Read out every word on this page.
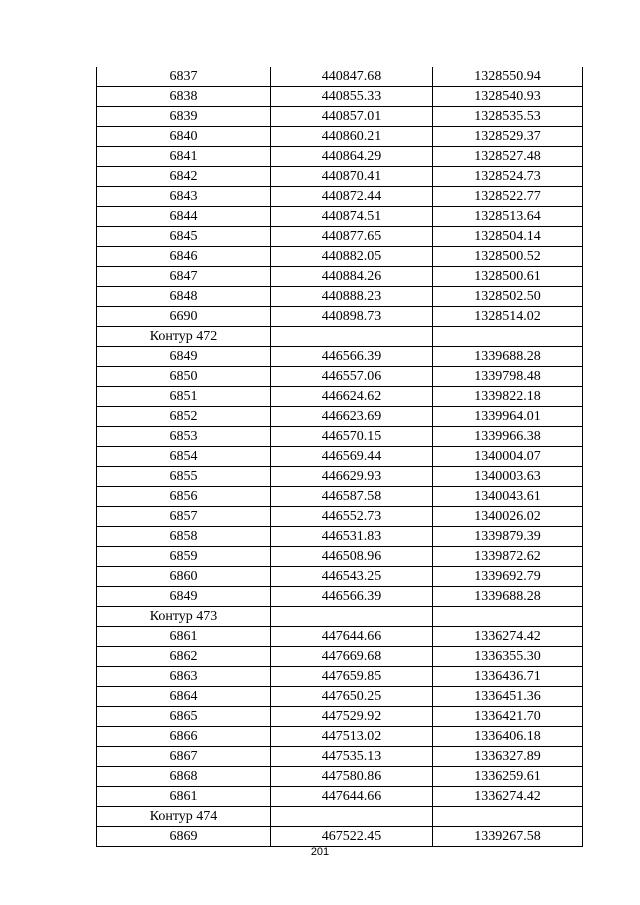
6837	440847.68	1328550.94
6838	440855.33	1328540.93
6839	440857.01	1328535.53
6840	440860.21	1328529.37
6841	440864.29	1328527.48
6842	440870.41	1328524.73
6843	440872.44	1328522.77
6844	440874.51	1328513.64
6845	440877.65	1328504.14
6846	440882.05	1328500.52
6847	440884.26	1328500.61
6848	440888.23	1328502.50
6690	440898.73	1328514.02
Контур 472		
6849	446566.39	1339688.28
6850	446557.06	1339798.48
6851	446624.62	1339822.18
6852	446623.69	1339964.01
6853	446570.15	1339966.38
6854	446569.44	1340004.07
6855	446629.93	1340003.63
6856	446587.58	1340043.61
6857	446552.73	1340026.02
6858	446531.83	1339879.39
6859	446508.96	1339872.62
6860	446543.25	1339692.79
6849	446566.39	1339688.28
Контур 473		
6861	447644.66	1336274.42
6862	447669.68	1336355.30
6863	447659.85	1336436.71
6864	447650.25	1336451.36
6865	447529.92	1336421.70
6866	447513.02	1336406.18
6867	447535.13	1336327.89
6868	447580.86	1336259.61
6861	447644.66	1336274.42
Контур 474		
6869	467522.45	1339267.58
201
